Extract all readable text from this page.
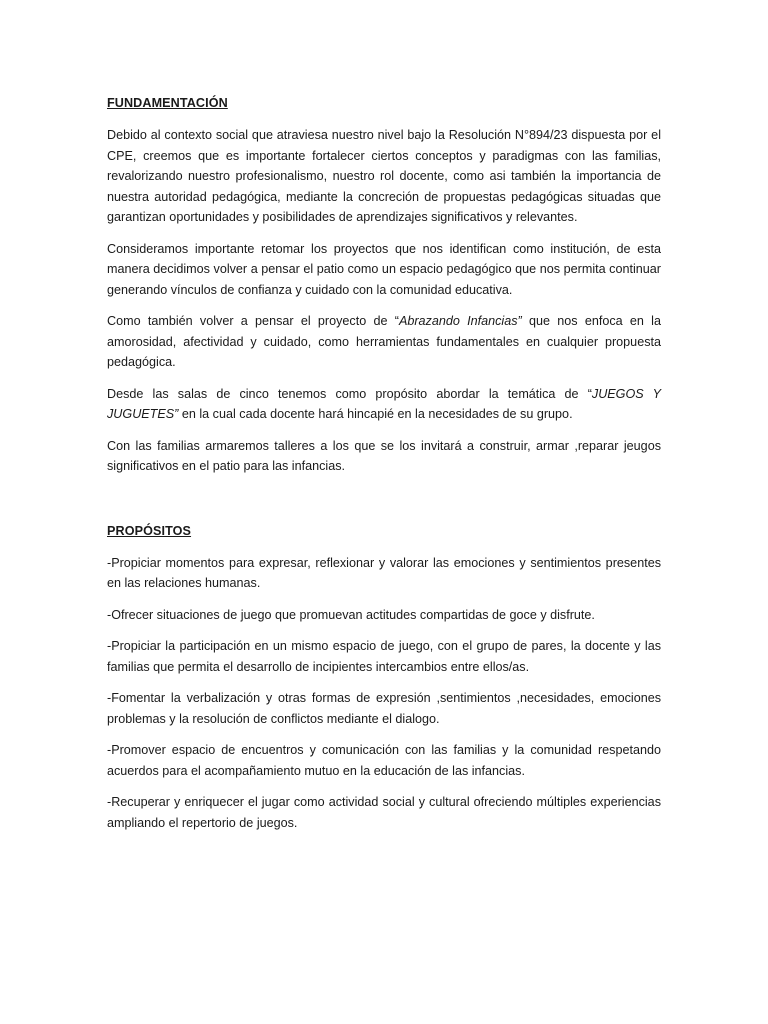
FUNDAMENTACIÓN

Debido al contexto social que atraviesa nuestro nivel bajo la Resolución N°894/23 dispuesta por el CPE, creemos que es importante fortalecer ciertos conceptos y paradigmas con las familias, revalorizando nuestro profesionalismo, nuestro rol docente, como asi también la importancia de nuestra autoridad pedagógica, mediante la concreción de propuestas pedagógicas situadas que garantizan oportunidades y posibilidades de aprendizajes significativos y relevantes.

Consideramos importante retomar los proyectos que nos identifican como institución, de esta manera decidimos volver a pensar el patio como un espacio pedagógico que nos permita continuar generando vínculos de confianza y cuidado con la comunidad educativa.

Como también volver a pensar el proyecto de “Abrazando Infancias” que nos enfoca en la amorosidad, afectividad y cuidado, como herramientas fundamentales en cualquier propuesta pedagógica.

Desde las salas de cinco tenemos como propósito abordar la temática de “JUEGOS Y JUGUETES” en la cual cada docente hará hincapié en la necesidades de su grupo.

Con las familias armaremos talleres a los que se los invitará a construir, armar ,reparar jeugos significativos en el patio para las infancias.

PROPÓSITOS

-Propiciar momentos para expresar, reflexionar y valorar las emociones y sentimientos presentes en las relaciones humanas.

-Ofrecer situaciones de juego que promuevan actitudes compartidas de goce y disfrute.

-Propiciar la participación en un mismo espacio de juego, con el grupo de pares, la docente y las familias que permita el desarrollo de incipientes intercambios entre ellos/as.

-Fomentar la verbalización y otras formas de expresión ,sentimientos ,necesidades, emociones problemas y la resolución de conflictos mediante el dialogo.

-Promover espacio de encuentros y comunicación con las familias y la comunidad respetando acuerdos para el acompañamiento mutuo en la educación de las infancias.

-Recuperar y enriquecer el jugar como actividad social y cultural ofreciendo múltiples experiencias ampliando el repertorio de juegos.
